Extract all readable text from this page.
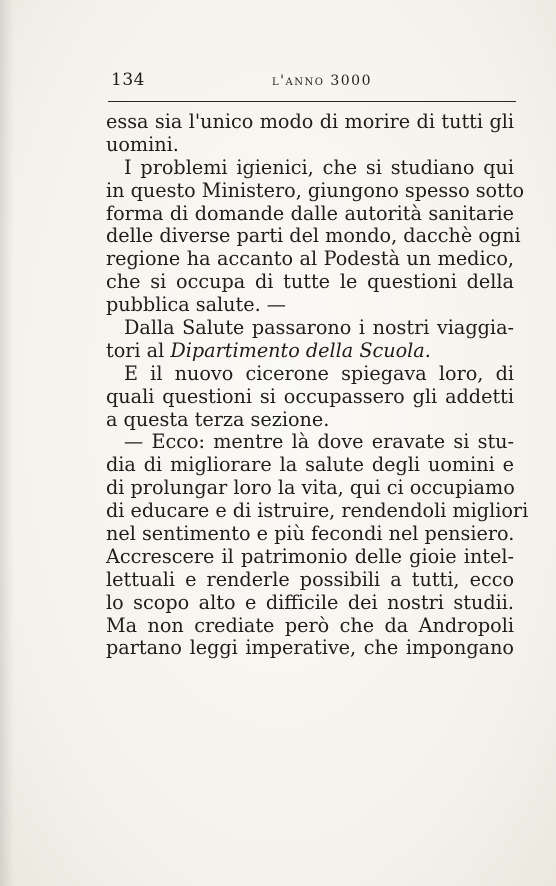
134	l'anno 3000
essa sia l'unico modo di morire di tutti gli
uomini.
I problemi igienici, che si studiano qui
in questo Ministero, giungono spesso sotto
forma di domande dalle autorità sanitarie
delle diverse parti del mondo, dacchè ogni
regione ha accanto al Podestà un medico,
che si occupa di tutte le questioni della
pubblica salute. —
Dalla Salute passarono i nostri viaggia-
tori al Dipartimento della Scuola.
E il nuovo cicerone spiegava loro, di
quali questioni si occupassero gli addetti
a questa terza sezione.
— Ecco: mentre là dove eravate si stu-
dia di migliorare la salute degli uomini e
di prolungar loro la vita, qui ci occupiamo
di educare e di istruire, rendendoli migliori
nel sentimento e più fecondi nel pensiero.
Accrescere il patrimonio delle gioie intel-
lettuali e renderle possibili a tutti, ecco
lo scopo alto e difficile dei nostri studii.
Ma non crediate però che da Andropoli
partano leggi imperative, che impongano
